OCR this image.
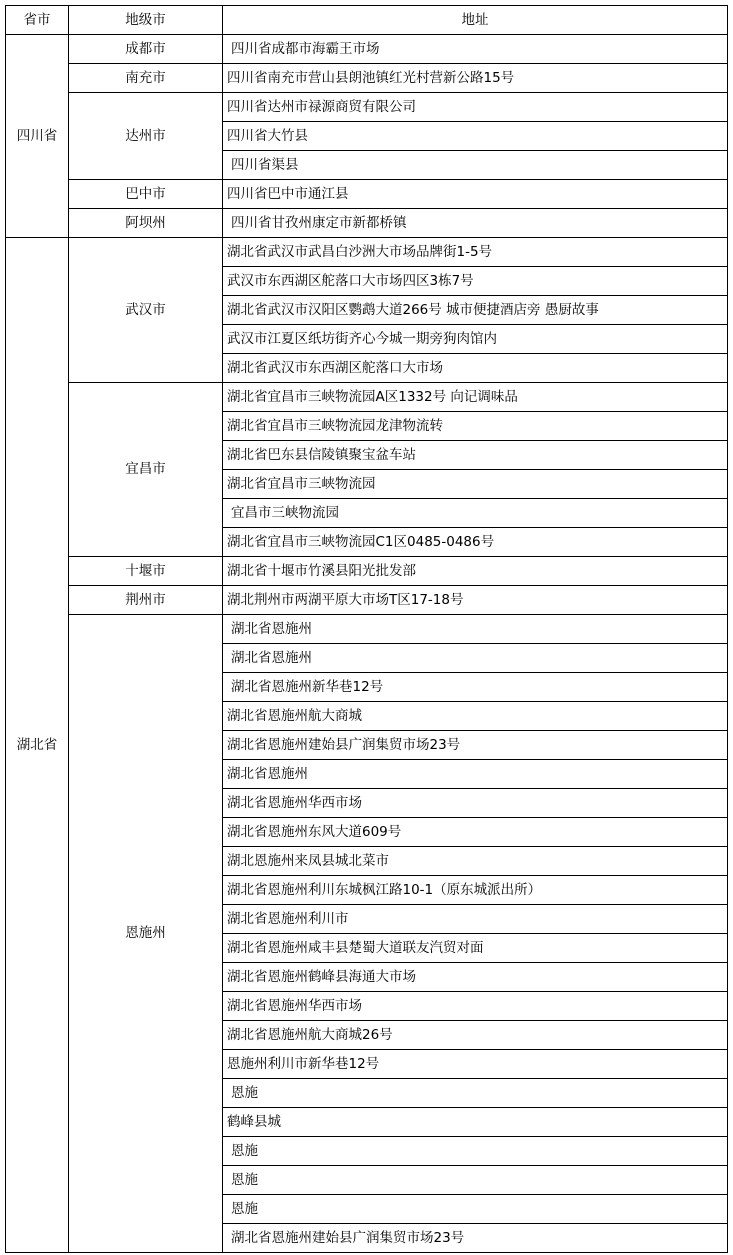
省市	地级市	地址
四川省	成都市	四川省成都市海霸王市场
	南充市	四川省南充市营山县朗池镇红光村营新公路15号
	达州市	四川省达州市禄源商贸有限公司
		四川省大竹县
		四川省渠县
	巴中市	四川省巴中市通江县
	阿坝州	四川省甘孜州康定市新都桥镇
湖北省	武汉市	湖北省武汉市武昌白沙洲大市场品牌街1-5号
		武汉市东西湖区舵落口大市场四区3栋7号
		湖北省武汉市汉阳区鹦鹉大道266号 城市便捷酒店旁 愚厨故事
		武汉市江夏区纸坊街齐心今城一期旁狗肉馆内
		湖北省武汉市东西湖区舵落口大市场
	宜昌市	湖北省宜昌市三峡物流园A区1332号 向记调味品
		湖北省宜昌市三峡物流园龙津物流转
		湖北省巴东县信陵镇聚宝盆车站
		湖北省宜昌市三峡物流园
		宜昌市三峡物流园
		湖北省宜昌市三峡物流园C1区0485-0486号
	十堰市	湖北省十堰市竹溪县阳光批发部
	荆州市	湖北荆州市两湖平原大市场T区17-18号
	恩施州	湖北省恩施州
		湖北省恩施州
		湖北省恩施州新华巷12号
		湖北省恩施州航大商城
		湖北省恩施州建始县广润集贸市场23号
		湖北省恩施州
		湖北省恩施州华西市场
		湖北省恩施州东风大道609号
		湖北恩施州来凤县城北菜市
		湖北省恩施州利川东城枫江路10-1（原东城派出所）
		湖北省恩施州利川市
		湖北省恩施州咸丰县楚蜀大道联友汽贸对面
		湖北省恩施州鹤峰县海通大市场
		湖北省恩施州华西市场
		湖北省恩施州航大商城26号
		恩施州利川市新华巷12号
		恩施
		鹤峰县城
		恩施
		恩施
		恩施
		湖北省恩施州建始县广润集贸市场23号
